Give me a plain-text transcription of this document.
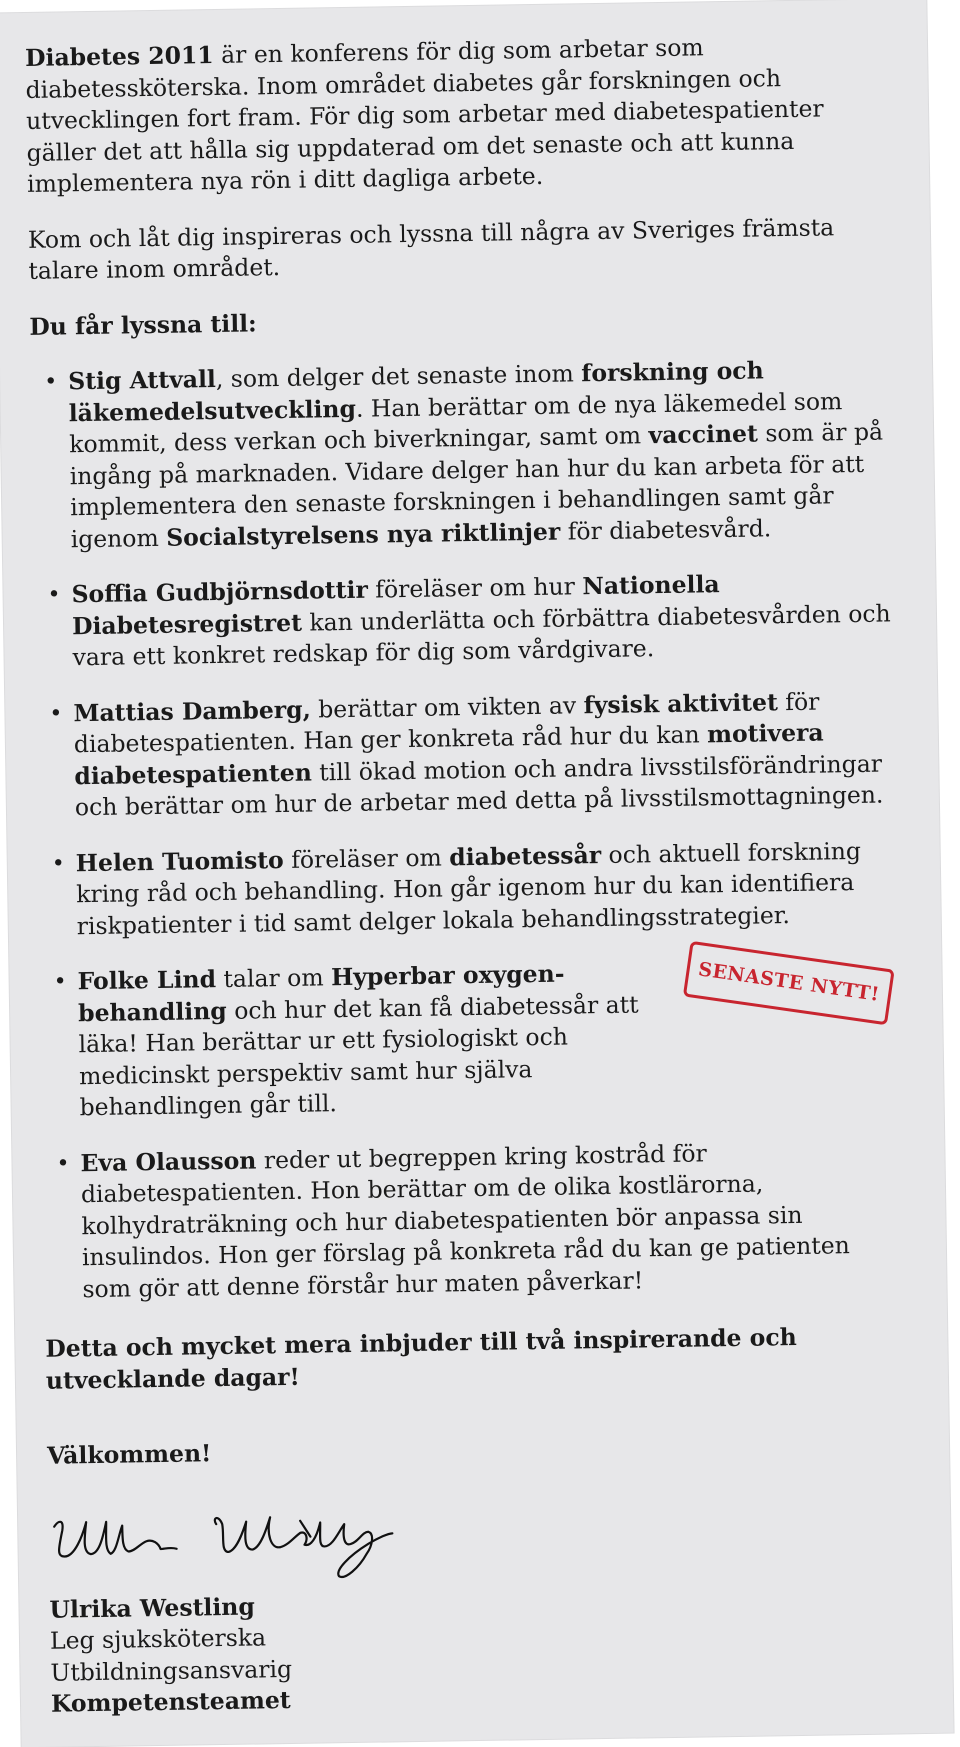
Diabetes 2011 är en konferens för dig som arbetar som diabetessköterska. Inom området diabetes går forskningen och utvecklingen fort fram. För dig som arbetar med diabetespatienter gäller det att hålla sig uppdaterad om det senaste och att kunna implementera nya rön i ditt dagliga arbete.

Kom och låt dig inspireras och lyssna till några av Sveriges främsta talare inom området.

Du får lyssna till:

• Stig Attvall, som delger det senaste inom forskning och läkemedelsutveckling. Han berättar om de nya läkemedel som kommit, dess verkan och biverkningar, samt om vaccinet som är på ingång på marknaden. Vidare delger han hur du kan arbeta för att implementera den senaste forskningen i behandlingen samt går igenom Socialstyrelsens nya riktlinjer för diabetesvård.
• Soffia Gudbjörnsdottir föreläser om hur Nationella Diabetesregistret kan underlätta och förbättra diabetesvården och vara ett konkret redskap för dig som vårdgivare.
• Mattias Damberg, berättar om vikten av fysisk aktivitet för diabetespatienten. Han ger konkreta råd hur du kan motivera diabetespatienten till ökad motion och andra livsstilsförändringar och berättar om hur de arbetar med detta på livsstilsmottagningen.
• Helen Tuomisto föreläser om diabetessår och aktuell forskning kring råd och behandling. Hon går igenom hur du kan identifiera riskpatienter i tid samt delger lokala behandlingsstrategier.
• Folke Lind talar om Hyperbar oxygen-behandling och hur det kan få diabetessår att läka! Han berättar ur ett fysiologiskt och medicinskt perspektiv samt hur själva behandlingen går till.
SENASTE NYTT!
• Eva Olausson reder ut begreppen kring kostråd för diabetespatienten. Hon berättar om de olika kostlärorna, kolhydraträkning och hur diabetespatienten bör anpassa sin insulindos. Hon ger förslag på konkreta råd du kan ge patienten som gör att denne förstår hur maten påverkar!

Detta och mycket mera inbjuder till två inspirerande och utvecklande dagar!

Välkommen!

Ulrika Westling

Leg sjuksköterska

Utbildningsansvarig

Kompetensteamet
